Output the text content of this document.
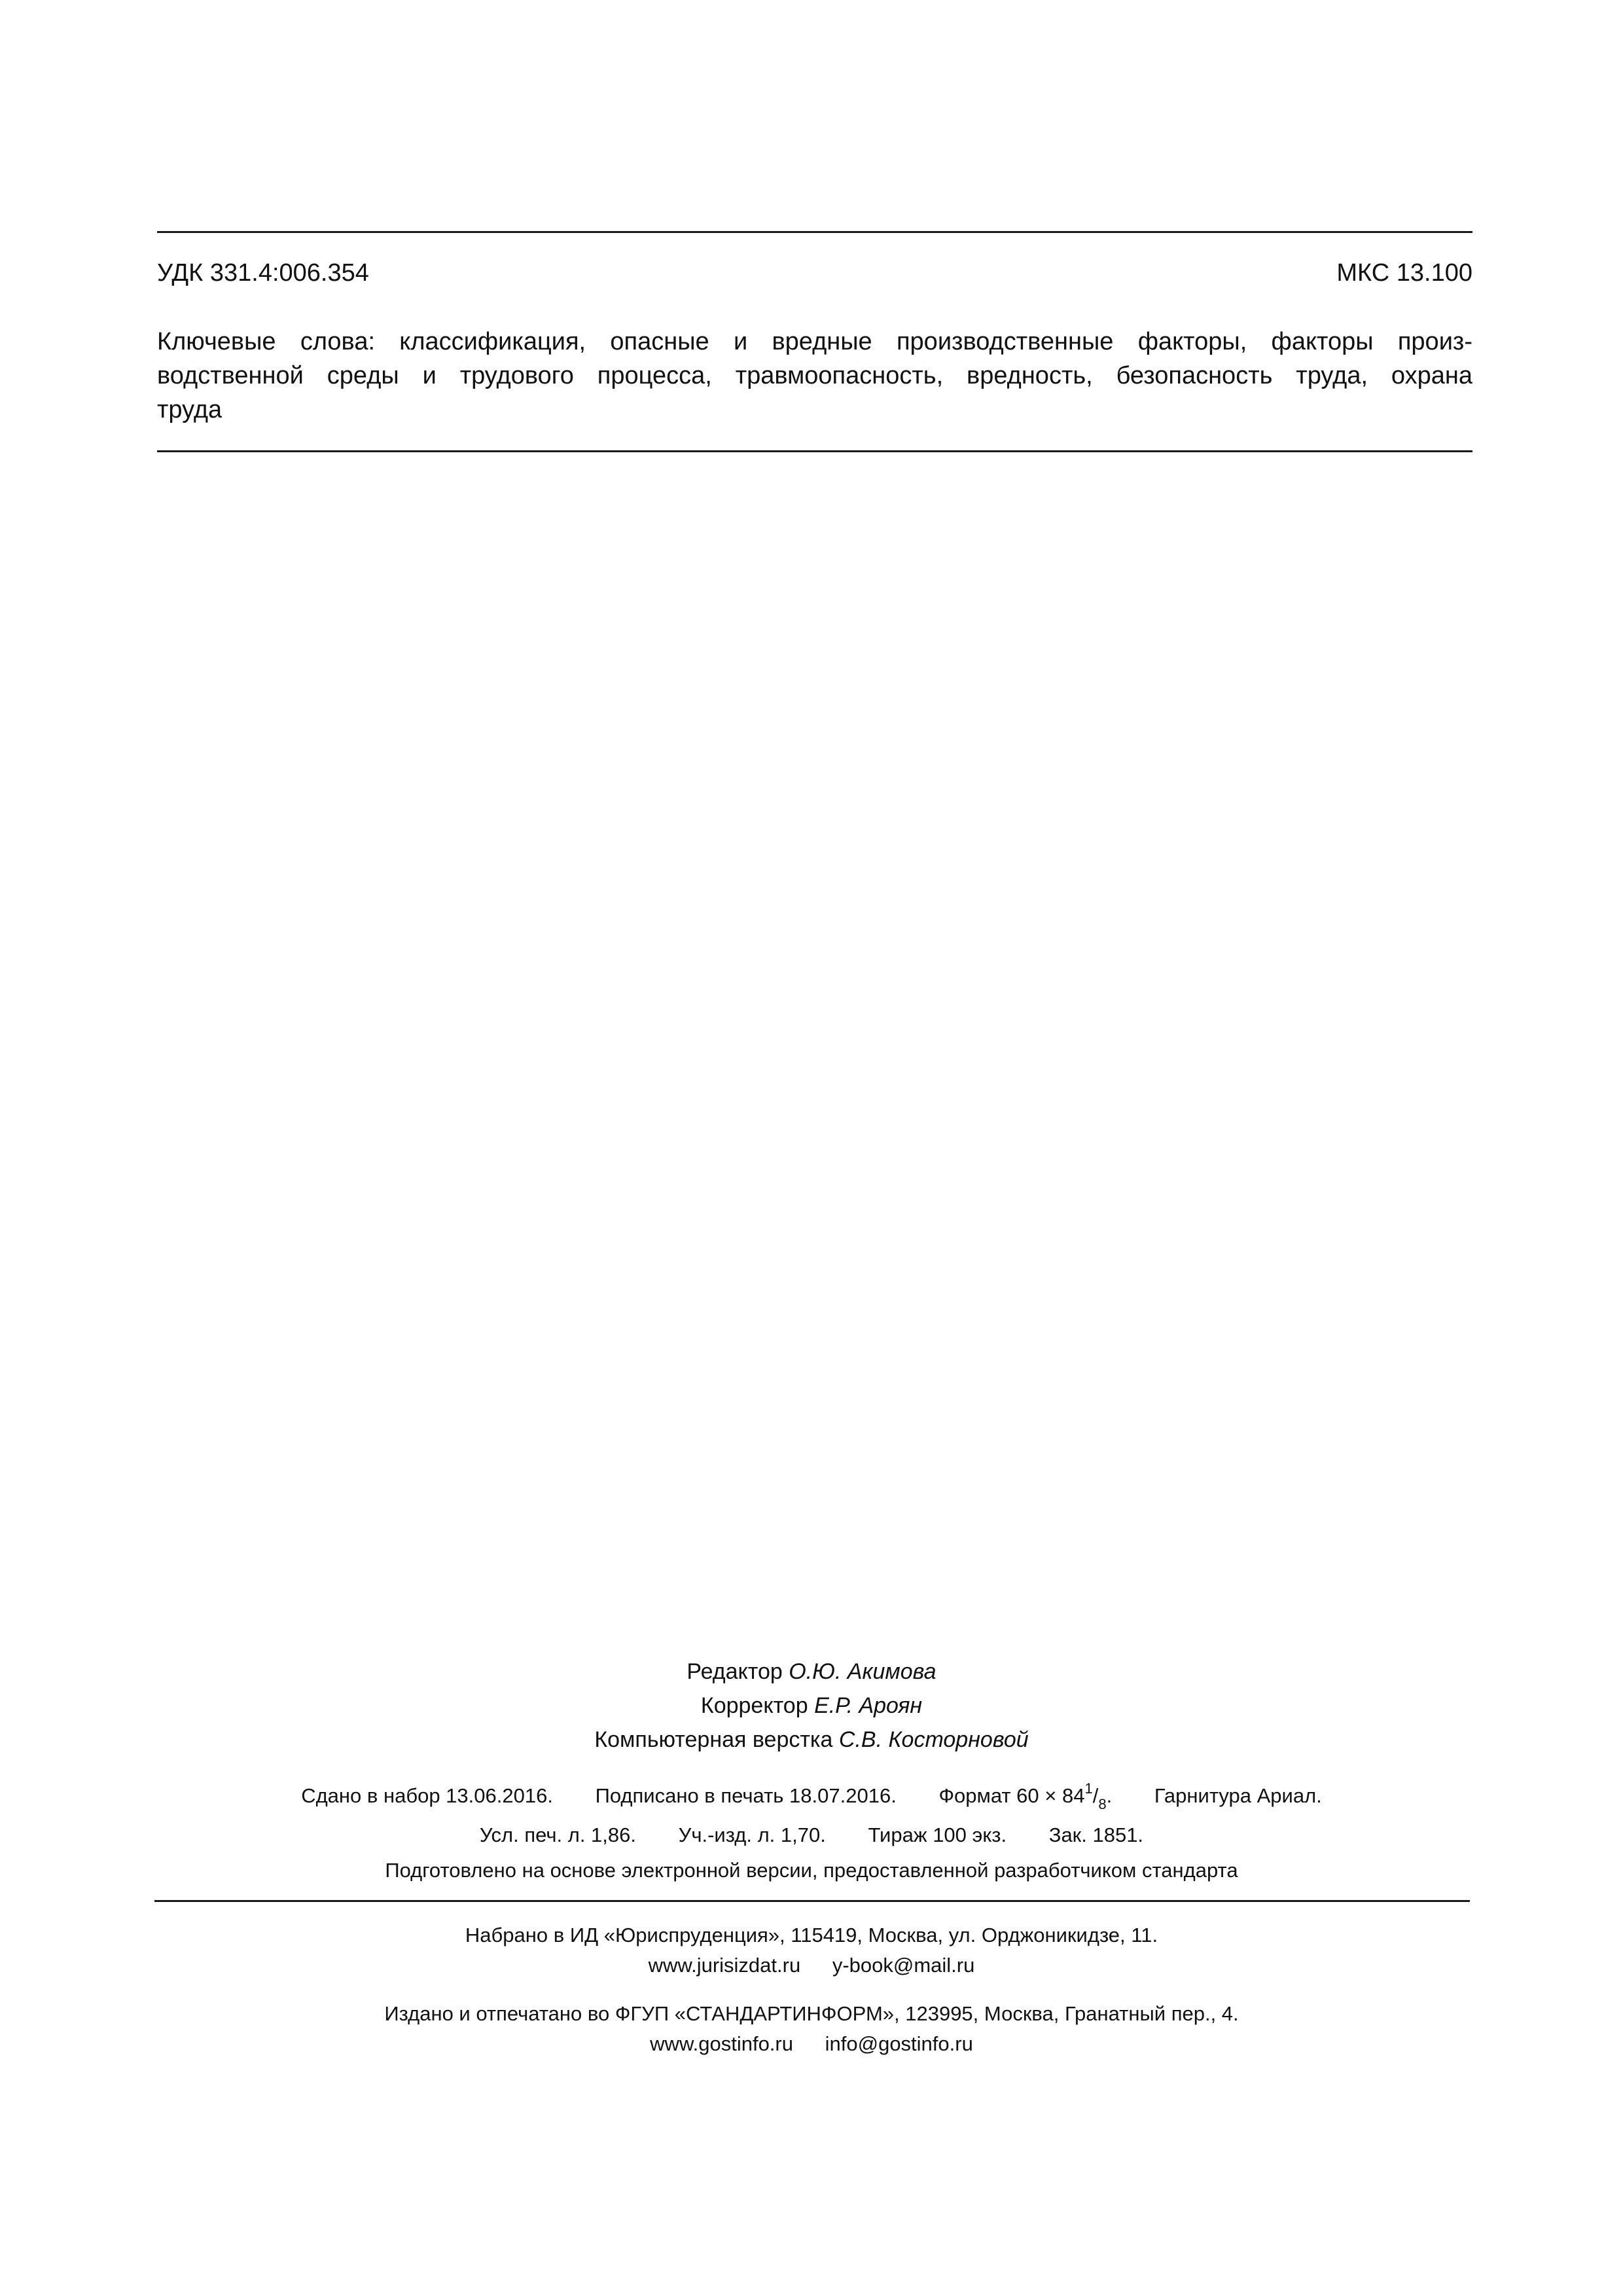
УДК 331.4:006.354	МКС 13.100
Ключевые слова: классификация, опасные и вредные производственные факторы, факторы произ-
водственной среды и трудового процесса, травмоопасность, вредность, безопасность труда, охрана
труда
Редактор О.Ю. Акимова
Корректор Е.Р. Ароян
Компьютерная верстка С.В. Косторновой
Сдано в набор 13.06.2016. Подписано в печать 18.07.2016. Формат $60 \times 84^1/_8$. Гарнитура Ариал.
Усл. печ. л. 1,86. Уч.-изд. л. 1,70. Тираж 100 экз. Зак. 1851.
Подготовлено на основе электронной версии, предоставленной разработчиком стандарта
Набрано в ИД «Юриспруденция», 115419, Москва, ул. Орджоникидзе, 11.
www.jurisizdat.ru y-book@mail.ru
Издано и отпечатано во ФГУП «СТАНДАРТИНФОРМ», 123995, Москва, Гранатный пер., 4.
www.gostinfo.ru info@gostinfo.ru
